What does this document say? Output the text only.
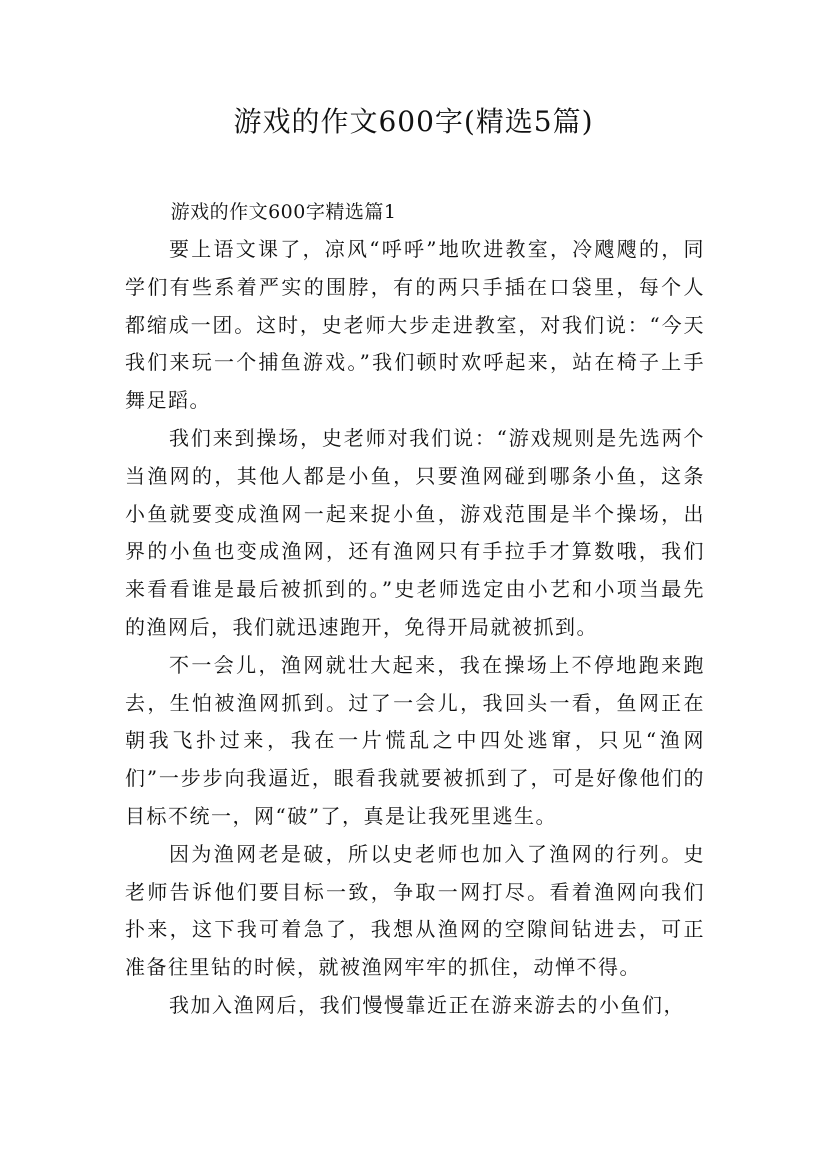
游戏的作文600字(精选5篇)
游戏的作文600字精选篇1

要上语文课了，凉风“呼呼”地吹进教室，冷飕飕的，同学们有些系着严实的围脖，有的两只手插在口袋里，每个人都缩成一团。这时，史老师大步走进教室，对我们说：“今天我们来玩一个捕鱼游戏。”我们顿时欢呼起来，站在椅子上手舞足蹈。

我们来到操场，史老师对我们说：“游戏规则是先选两个当渔网的，其他人都是小鱼，只要渔网碰到哪条小鱼，这条小鱼就要变成渔网一起来捉小鱼，游戏范围是半个操场，出界的小鱼也变成渔网，还有渔网只有手拉手才算数哦，我们来看看谁是最后被抓到的。”史老师选定由小艺和小项当最先的渔网后，我们就迅速跑开，免得开局就被抓到。

不一会儿，渔网就壮大起来，我在操场上不停地跑来跑去，生怕被渔网抓到。过了一会儿，我回头一看，鱼网正在朝我飞扑过来，我在一片慌乱之中四处逃窜，只见“渔网们”一步步向我逼近，眼看我就要被抓到了，可是好像他们的目标不统一，网“破”了，真是让我死里逃生。

因为渔网老是破，所以史老师也加入了渔网的行列。史老师告诉他们要目标一致，争取一网打尽。看着渔网向我们扑来，这下我可着急了，我想从渔网的空隙间钻进去，可正准备往里钻的时候，就被渔网牢牢的抓住，动惮不得。

我加入渔网后，我们慢慢靠近正在游来游去的小鱼们，
